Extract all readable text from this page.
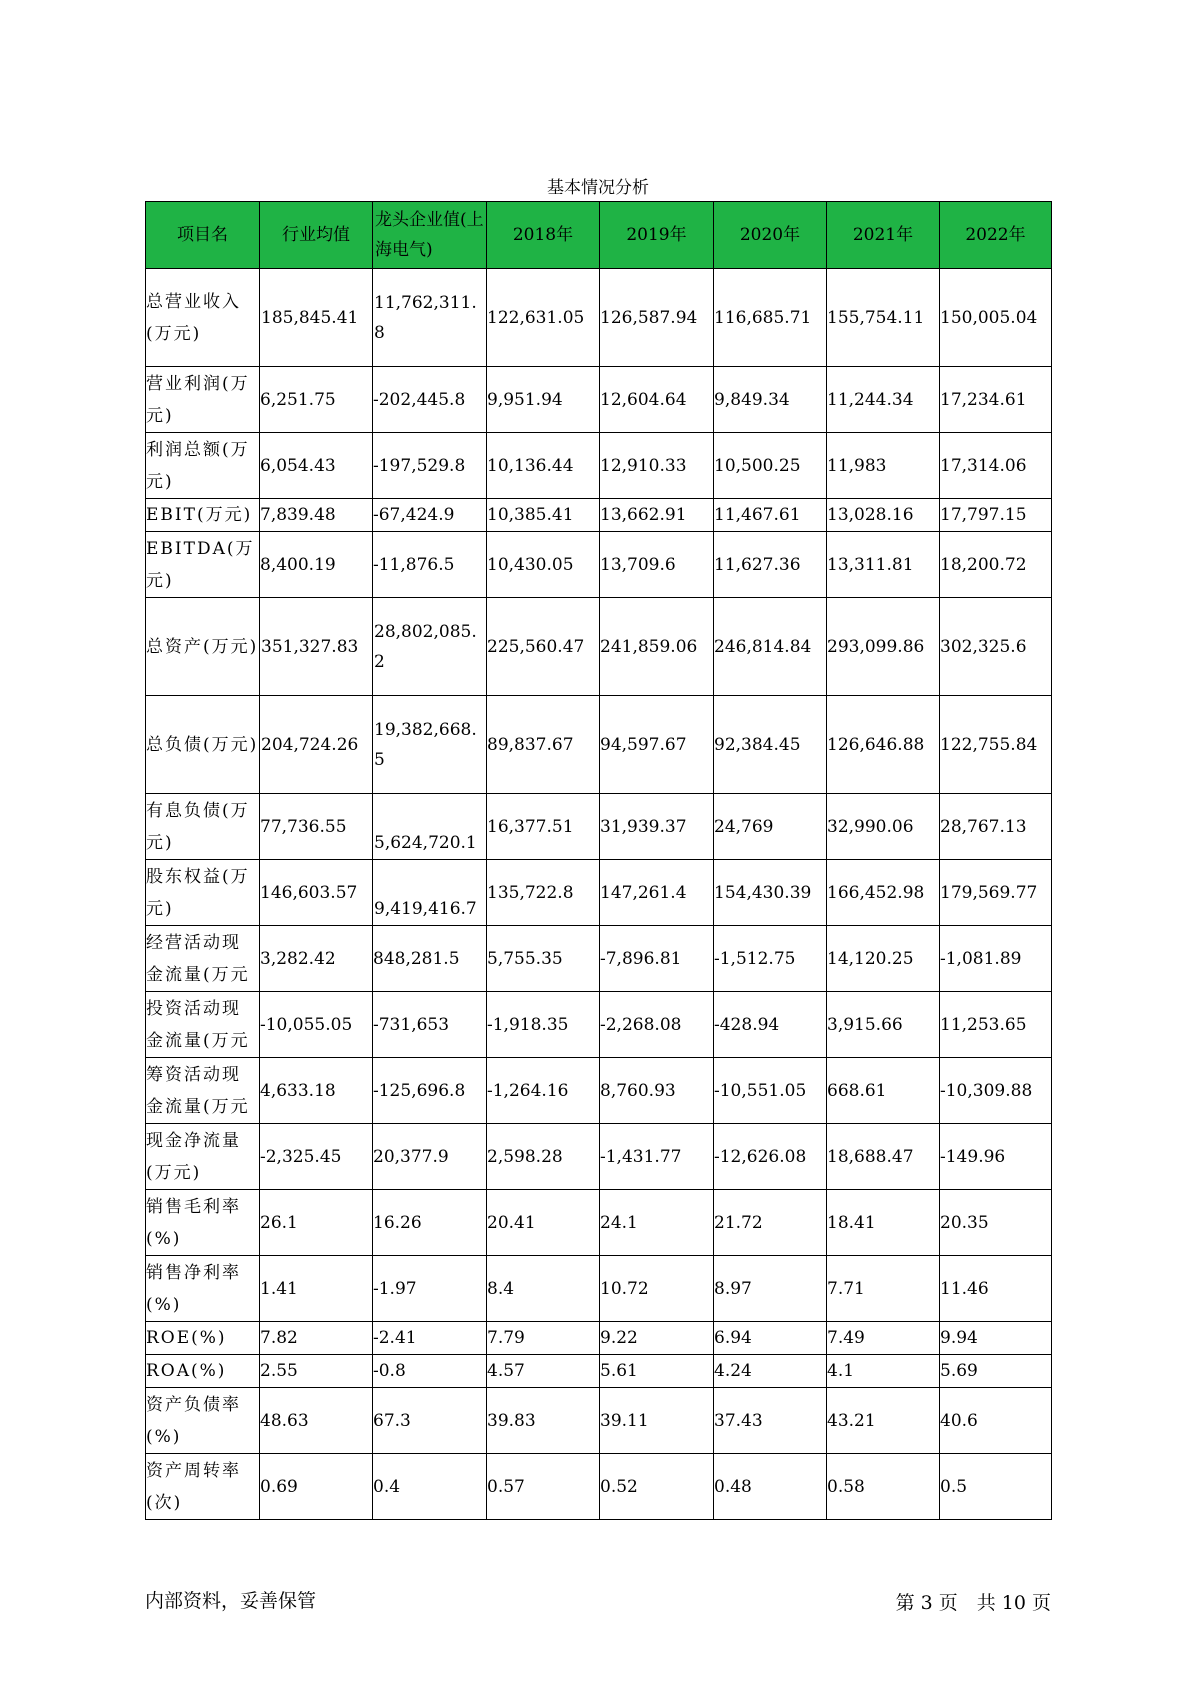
基本情况分析
项目名	行业均值	龙头企业值(上海电气)	2018年	2019年	2020年	2021年	2022年
总营业收入(万元)	185,845.41	11,762,311.8	122,631.05	126,587.94	116,685.71	155,754.11	150,005.04
营业利润(万元)	6,251.75	-202,445.8	9,951.94	12,604.64	9,849.34	11,244.34	17,234.61
利润总额(万元)	6,054.43	-197,529.8	10,136.44	12,910.33	10,500.25	11,983	17,314.06
EBIT(万元)	7,839.48	-67,424.9	10,385.41	13,662.91	11,467.61	13,028.16	17,797.15
EBITDA(万元)	8,400.19	-11,876.5	10,430.05	13,709.6	11,627.36	13,311.81	18,200.72
总资产(万元)	351,327.83	28,802,085.2	225,560.47	241,859.06	246,814.84	293,099.86	302,325.6
总负债(万元)	204,724.26	19,382,668.5	89,837.67	94,597.67	92,384.45	126,646.88	122,755.84
有息负债(万元)	77,736.55	5,624,720.1	16,377.51	31,939.37	24,769	32,990.06	28,767.13
股东权益(万元)	146,603.57	9,419,416.7	135,722.8	147,261.4	154,430.39	166,452.98	179,569.77
经营活动现金流量(万元	3,282.42	848,281.5	5,755.35	-7,896.81	-1,512.75	14,120.25	-1,081.89
投资活动现金流量(万元	-10,055.05	-731,653	-1,918.35	-2,268.08	-428.94	3,915.66	11,253.65
筹资活动现金流量(万元	4,633.18	-125,696.8	-1,264.16	8,760.93	-10,551.05	668.61	-10,309.88
现金净流量(万元)	-2,325.45	20,377.9	2,598.28	-1,431.77	-12,626.08	18,688.47	-149.96
销售毛利率(%)	26.1	16.26	20.41	24.1	21.72	18.41	20.35
销售净利率(%)	1.41	-1.97	8.4	10.72	8.97	7.71	11.46
ROE(%)	7.82	-2.41	7.79	9.22	6.94	7.49	9.94
ROA(%)	2.55	-0.8	4.57	5.61	4.24	4.1	5.69
资产负债率(%)	48.63	67.3	39.83	39.11	37.43	43.21	40.6
资产周转率(次)	0.69	0.4	0.57	0.52	0.48	0.58	0.5
内部资料，妥善保管	第 3 页　共 10 页
